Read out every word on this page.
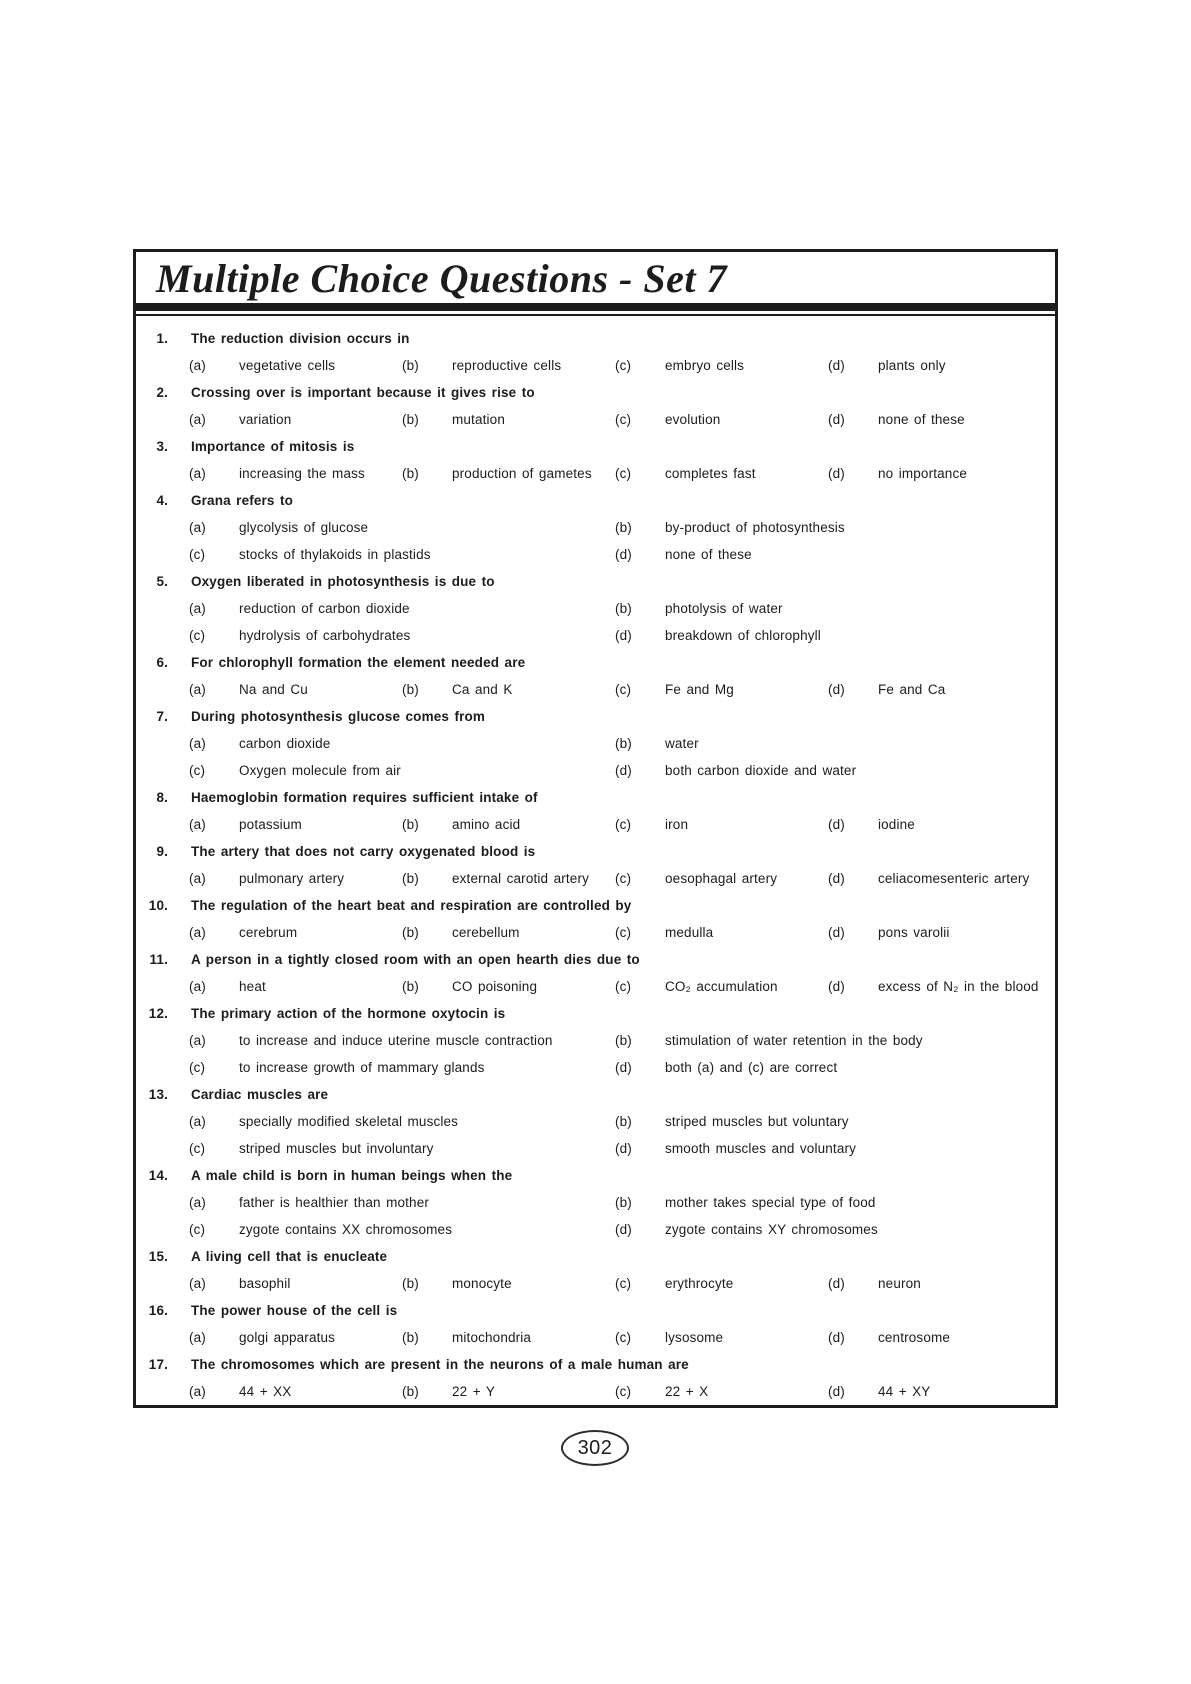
Multiple Choice Questions - Set 7
1.	The reduction division occurs in
(a)	vegetative cells	(b)	reproductive cells	(c)	embryo cells	(d)	plants only
2.	Crossing over is important because it gives rise to
(a)	variation	(b)	mutation	(c)	evolution	(d)	none of these
3.	Importance of mitosis is
(a)	increasing the mass	(b)	production of gametes	(c)	completes fast	(d)	no importance
4.	Grana refers to
(a)	glycolysis of glucose	(b)	by-product of photosynthesis
(c)	stocks of thylakoids in plastids	(d)	none of these
5.	Oxygen liberated in photosynthesis is due to
(a)	reduction of carbon dioxide	(b)	photolysis of water
(c)	hydrolysis of carbohydrates	(d)	breakdown of chlorophyll
6.	For chlorophyll formation the element needed are
(a)	Na and Cu	(b)	Ca and K	(c)	Fe and Mg	(d)	Fe and Ca
7.	During photosynthesis glucose comes from
(a)	carbon dioxide	(b)	water
(c)	Oxygen molecule from air	(d)	both carbon dioxide and water
8.	Haemoglobin formation requires sufficient intake of
(a)	potassium	(b)	amino acid	(c)	iron	(d)	iodine
9.	The artery that does not carry oxygenated blood is
(a)	pulmonary artery	(b)	external carotid artery	(c)	oesophagal artery	(d)	celiacomesenteric artery
10.	The regulation of the heart beat and respiration are controlled by
(a)	cerebrum	(b)	cerebellum	(c)	medulla	(d)	pons varolii
11.	A person in a tightly closed room with an open hearth dies due to
(a)	heat	(b)	CO poisoning	(c)	CO₂ accumulation	(d)	excess of N₂ in the blood
12.	The primary action of the hormone oxytocin is
(a)	to increase and induce uterine muscle contraction	(b)	stimulation of water retention in the body
(c)	to increase growth of mammary glands	(d)	both (a) and (c) are correct
13.	Cardiac muscles are
(a)	specially modified skeletal muscles	(b)	striped muscles but voluntary
(c)	striped muscles but involuntary	(d)	smooth muscles and voluntary
14.	A male child is born in human beings when the
(a)	father is healthier than mother	(b)	mother takes special type of food
(c)	zygote contains XX chromosomes	(d)	zygote contains XY chromosomes
15.	A living cell that is enucleate
(a)	basophil	(b)	monocyte	(c)	erythrocyte	(d)	neuron
16.	The power house of the cell is
(a)	golgi apparatus	(b)	mitochondria	(c)	lysosome	(d)	centrosome
17.	The chromosomes which are present in the neurons of a male human are
(a)	44 + XX	(b)	22 + Y	(c)	22 + X	(d)	44 + XY
302
